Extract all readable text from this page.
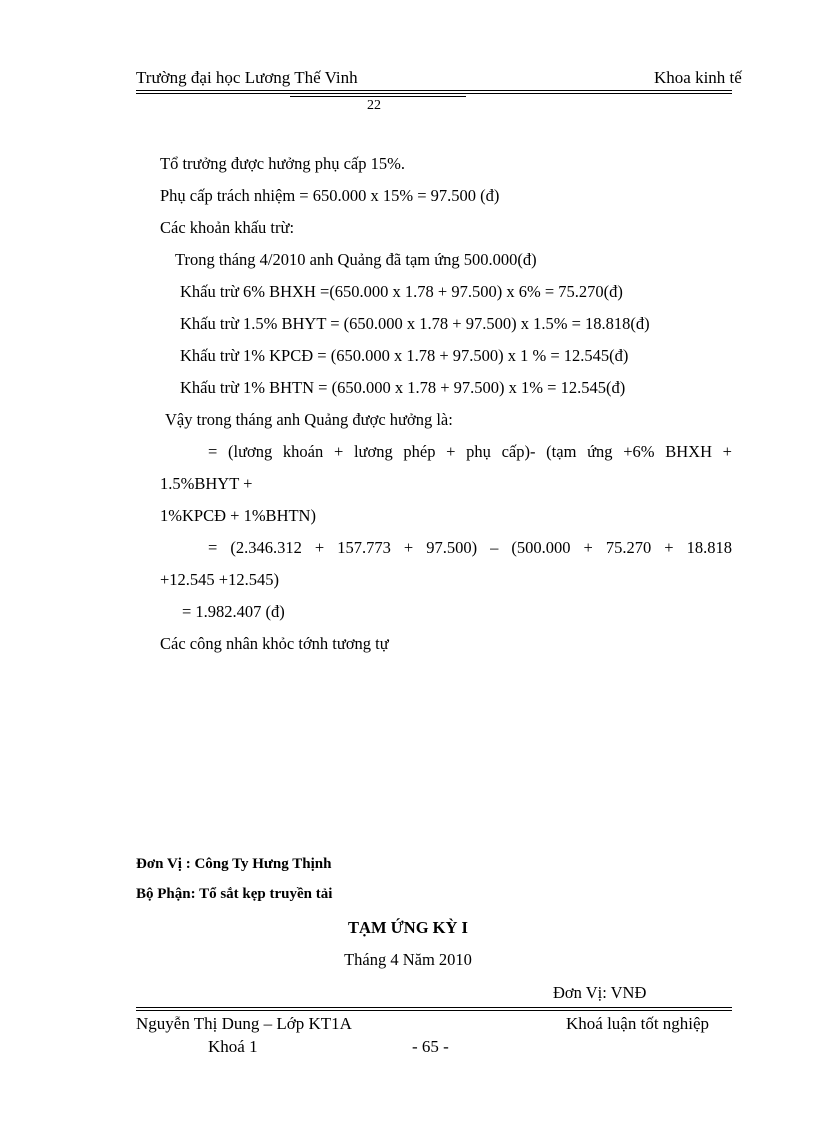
Trường đại học Lương Thế Vinh	Khoa kinh tế
22
Tổ trưởng được hưởng phụ cấp 15%.
Phụ cấp trách nhiệm = 650.000 x 15% = 97.500 (đ)
Các khoản khấu trừ:
Trong tháng 4/2010 anh Quảng đã tạm ứng 500.000(đ)
Khấu trừ 6% BHXH =(650.000 x 1.78 + 97.500) x 6% = 75.270(đ)
Khấu trừ 1.5% BHYT = (650.000 x 1.78 + 97.500) x 1.5% = 18.818(đ)
Khấu trừ 1% KPCĐ = (650.000 x 1.78 + 97.500) x 1 % = 12.545(đ)
Khấu trừ 1% BHTN = (650.000 x 1.78 + 97.500) x 1% = 12.545(đ)
Vậy trong tháng anh Quảng được hưởng là:
= (lương khoán + lương phép + phụ cấp)- (tạm ứng +6% BHXH +
1.5%BHYT +
1%KPCĐ + 1%BHTN)
= (2.346.312 + 157.773 + 97.500) – (500.000 + 75.270 + 18.818
+12.545 +12.545)
= 1.982.407 (đ)
Các công nhân khỏc tớnh tương tự
Đơn Vị : Công Ty Hưng Thịnh
Bộ Phận: Tổ sắt kẹp truyền tải
TẠM ỨNG KỲ I
Tháng 4 Năm 2010
Đơn Vị: VNĐ
Nguyễn Thị Dung – Lớp KT1A	Khoá luận tốt nghiệp
Khoá 1	- 65 -
